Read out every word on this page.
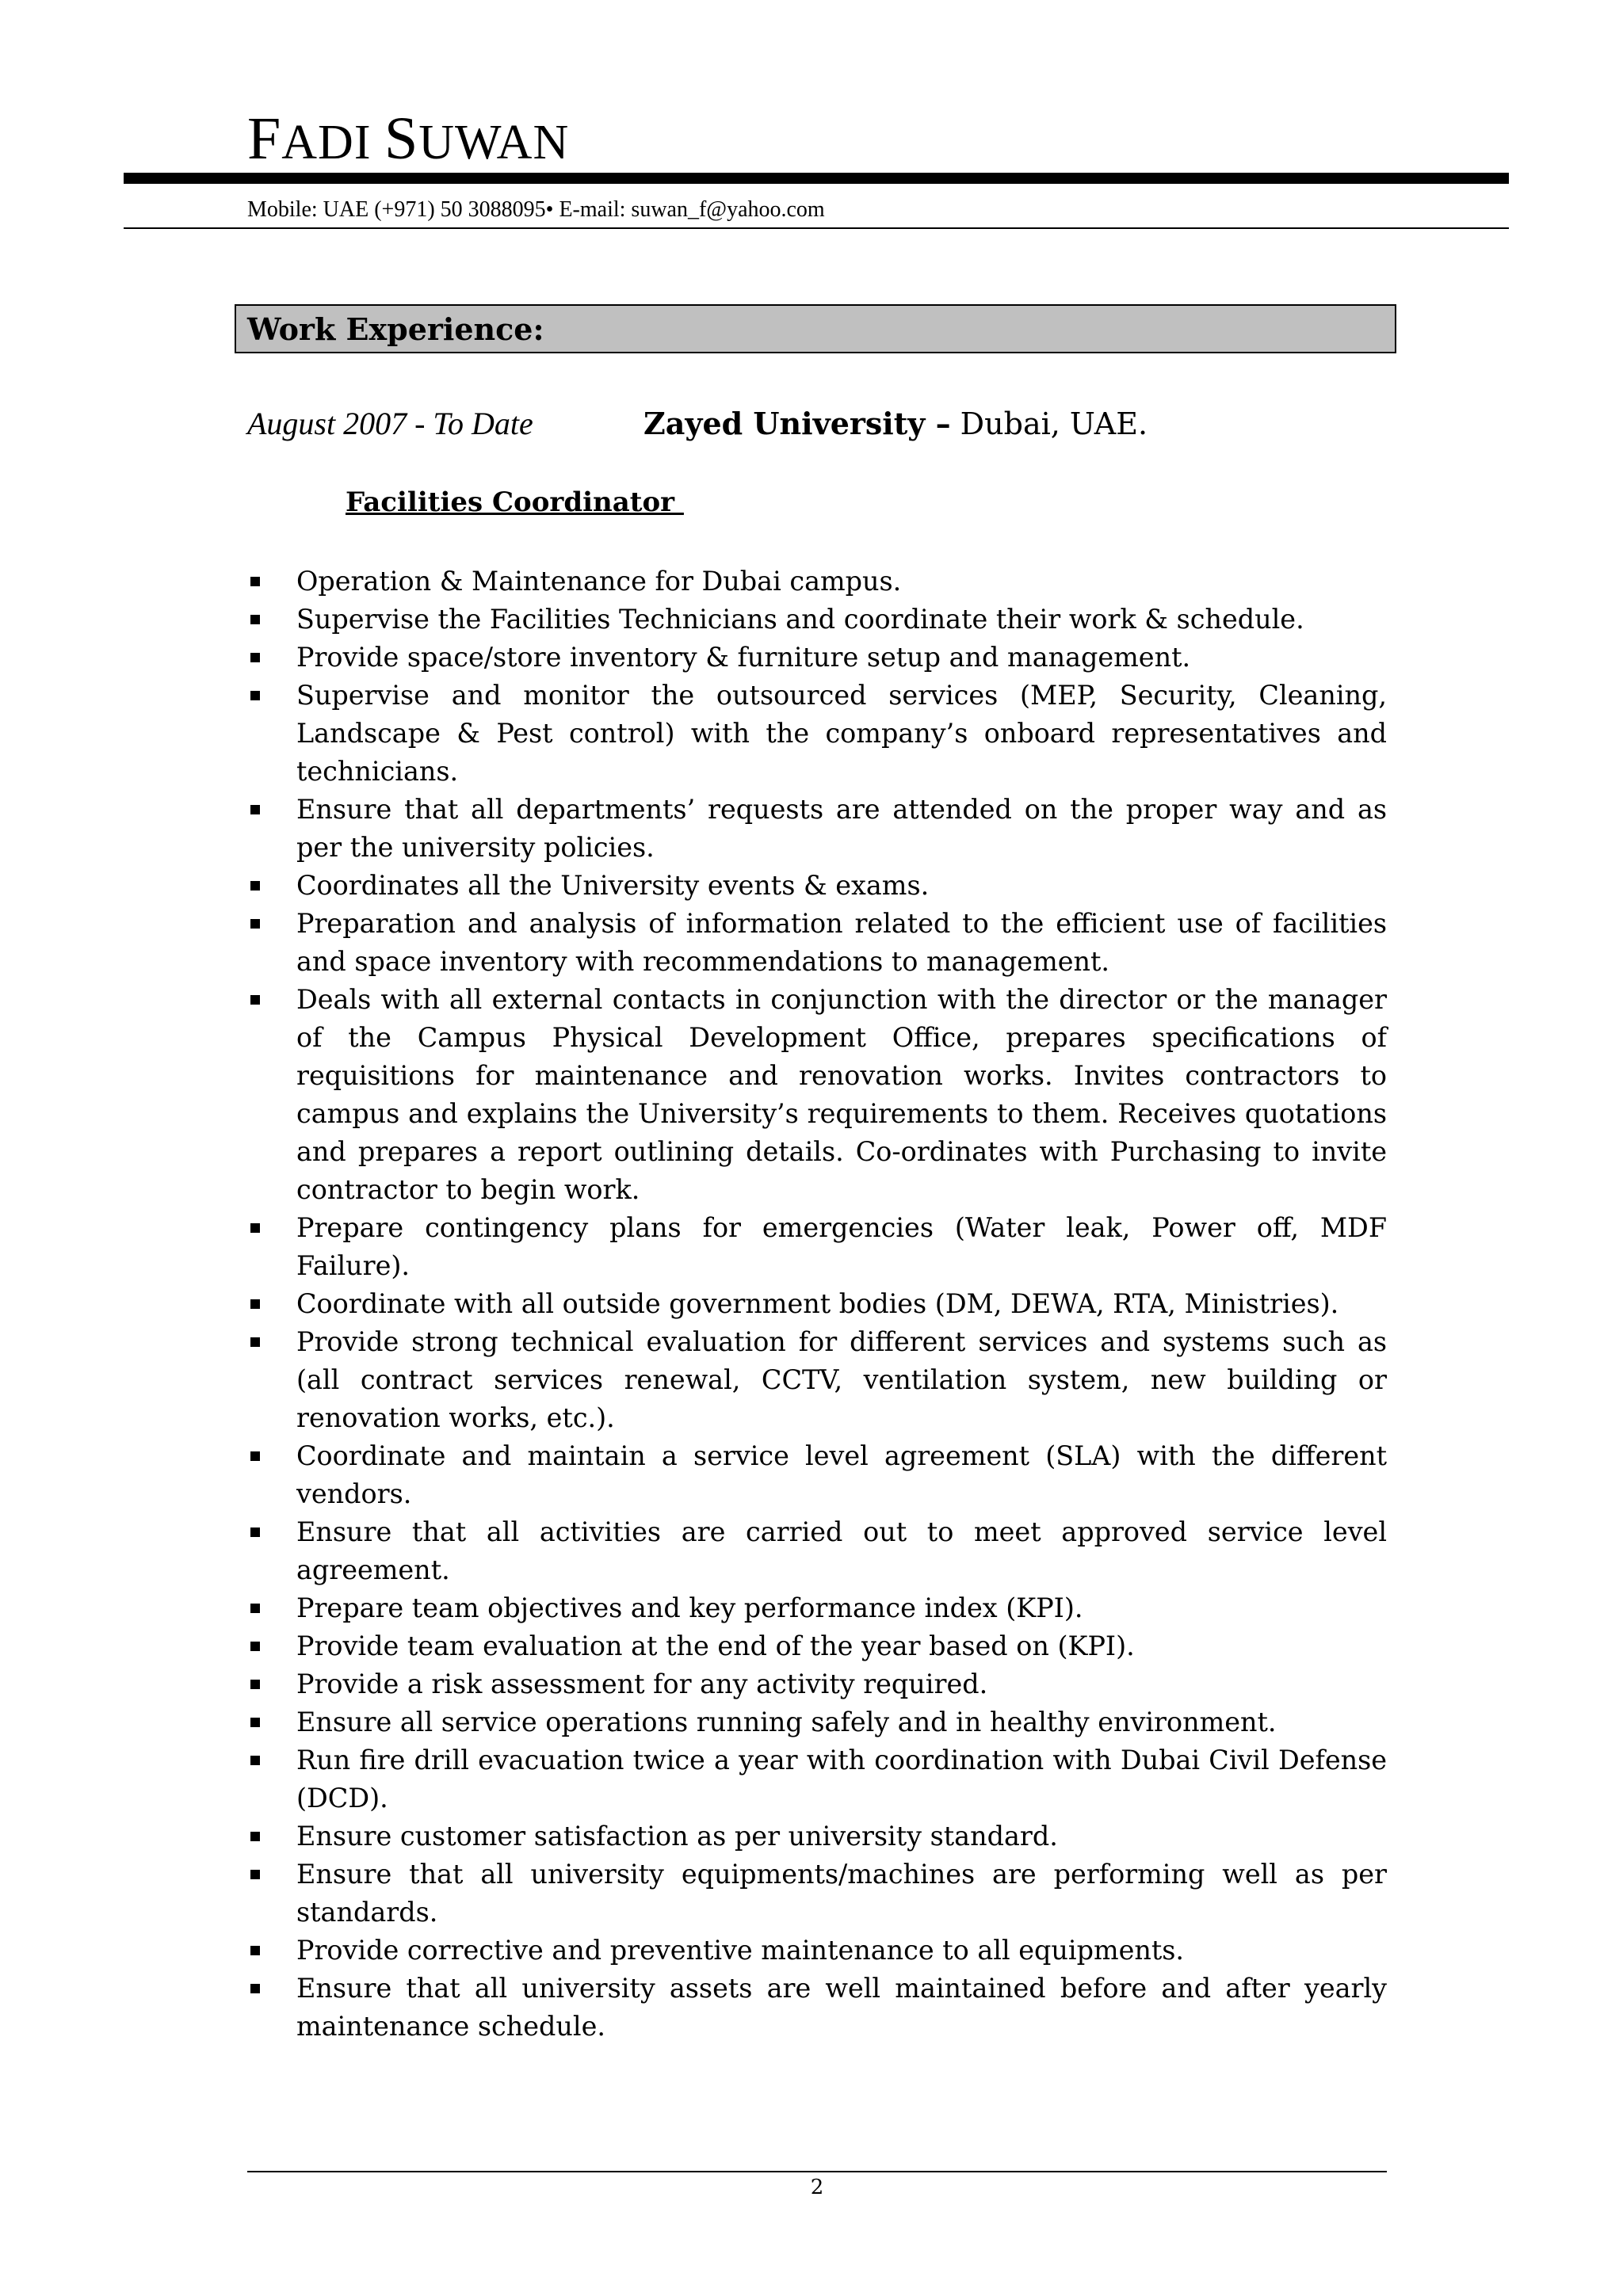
FADI SUWAN
Mobile: UAE (+971) 50 3088095• E-mail: suwan_f@yahoo.com
Work Experience:
August 2007 - To Date	Zayed University – Dubai, UAE.
Facilities Coordinator
Operation & Maintenance for Dubai campus.
Supervise the Facilities Technicians and coordinate their work & schedule.
Provide space/store inventory & furniture setup and management.
Supervise and monitor the outsourced services (MEP, Security, Cleaning, Landscape & Pest control) with the company’s onboard representatives and technicians.
Ensure that all departments’ requests are attended on the proper way and as per the university policies.
Coordinates all the University events & exams.
Preparation and analysis of information related to the efficient use of facilities and space inventory with recommendations to management.
Deals with all external contacts in conjunction with the director or the manager of the Campus Physical Development Office, prepares specifications of requisitions for maintenance and renovation works. Invites contractors to campus and explains the University’s requirements to them. Receives quotations and prepares a report outlining details. Co-ordinates with Purchasing to invite contractor to begin work.
Prepare contingency plans for emergencies (Water leak, Power off, MDF Failure).
Coordinate with all outside government bodies (DM, DEWA, RTA, Ministries).
Provide strong technical evaluation for different services and systems such as (all contract services renewal, CCTV, ventilation system, new building or renovation works, etc.).
Coordinate and maintain a service level agreement (SLA) with the different vendors.
Ensure that all activities are carried out to meet approved service level agreement.
Prepare team objectives and key performance index (KPI).
Provide team evaluation at the end of the year based on (KPI).
Provide a risk assessment for any activity required.
Ensure all service operations running safely and in healthy environment.
Run fire drill evacuation twice a year with coordination with Dubai Civil Defense (DCD).
Ensure customer satisfaction as per university standard.
Ensure that all university equipments/machines are performing well as per standards.
Provide corrective and preventive maintenance to all equipments.
Ensure that all university assets are well maintained before and after yearly maintenance schedule.
2
